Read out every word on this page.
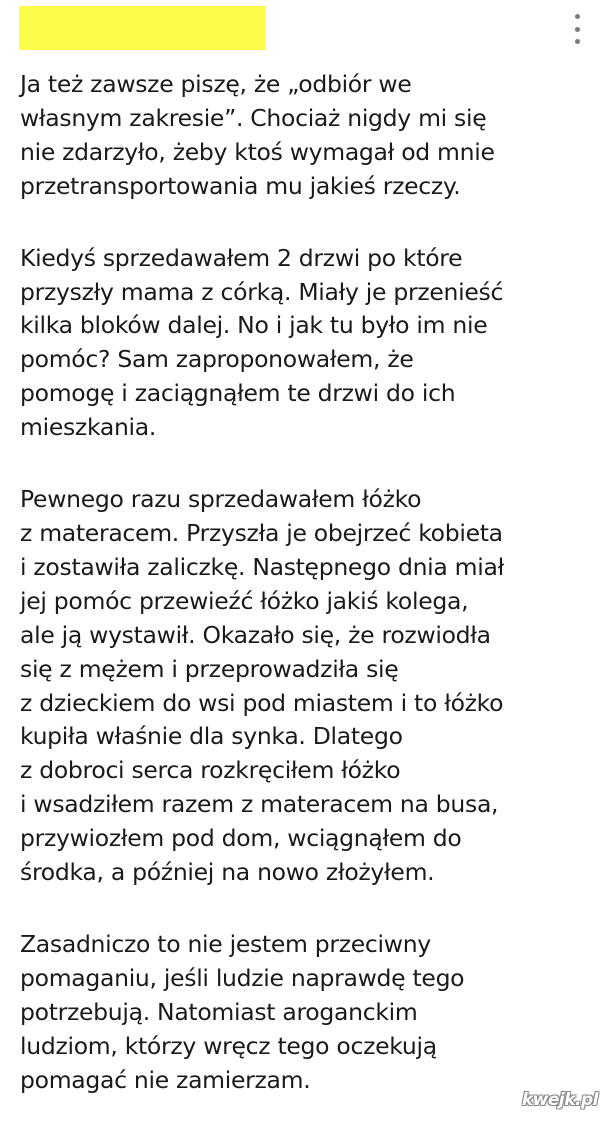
Ja też zawsze piszę, że „odbiór we
własnym zakresie”. Chociaż nigdy mi się
nie zdarzyło, żeby ktoś wymagał od mnie
przetransportowania mu jakieś rzeczy.

Kiedyś sprzedawałem 2 drzwi po które
przyszły mama z córką. Miały je przenieść
kilka bloków dalej. No i jak tu było im nie
pomóc? Sam zaproponowałem, że
pomogę i zaciągnąłem te drzwi do ich
mieszkania.

Pewnego razu sprzedawałem łóżko
z materacem. Przyszła je obejrzeć kobieta
i zostawiła zaliczkę. Następnego dnia miał
jej pomóc przewieźć łóżko jakiś kolega,
ale ją wystawił. Okazało się, że rozwiodła
się z mężem i przeprowadziła się
z dzieckiem do wsi pod miastem i to łóżko
kupiła właśnie dla synka. Dlatego
z dobroci serca rozkręciłem łóżko
i wsadziłem razem z materacem na busa,
przywiozłem pod dom, wciągnąłem do
środka, a później na nowo złożyłem.

Zasadniczo to nie jestem przeciwny
pomaganiu, jeśli ludzie naprawdę tego
potrzebują. Natomiast aroganckim
ludziom, którzy wręcz tego oczekują
pomagać nie zamierzam.

kwejk.pl
